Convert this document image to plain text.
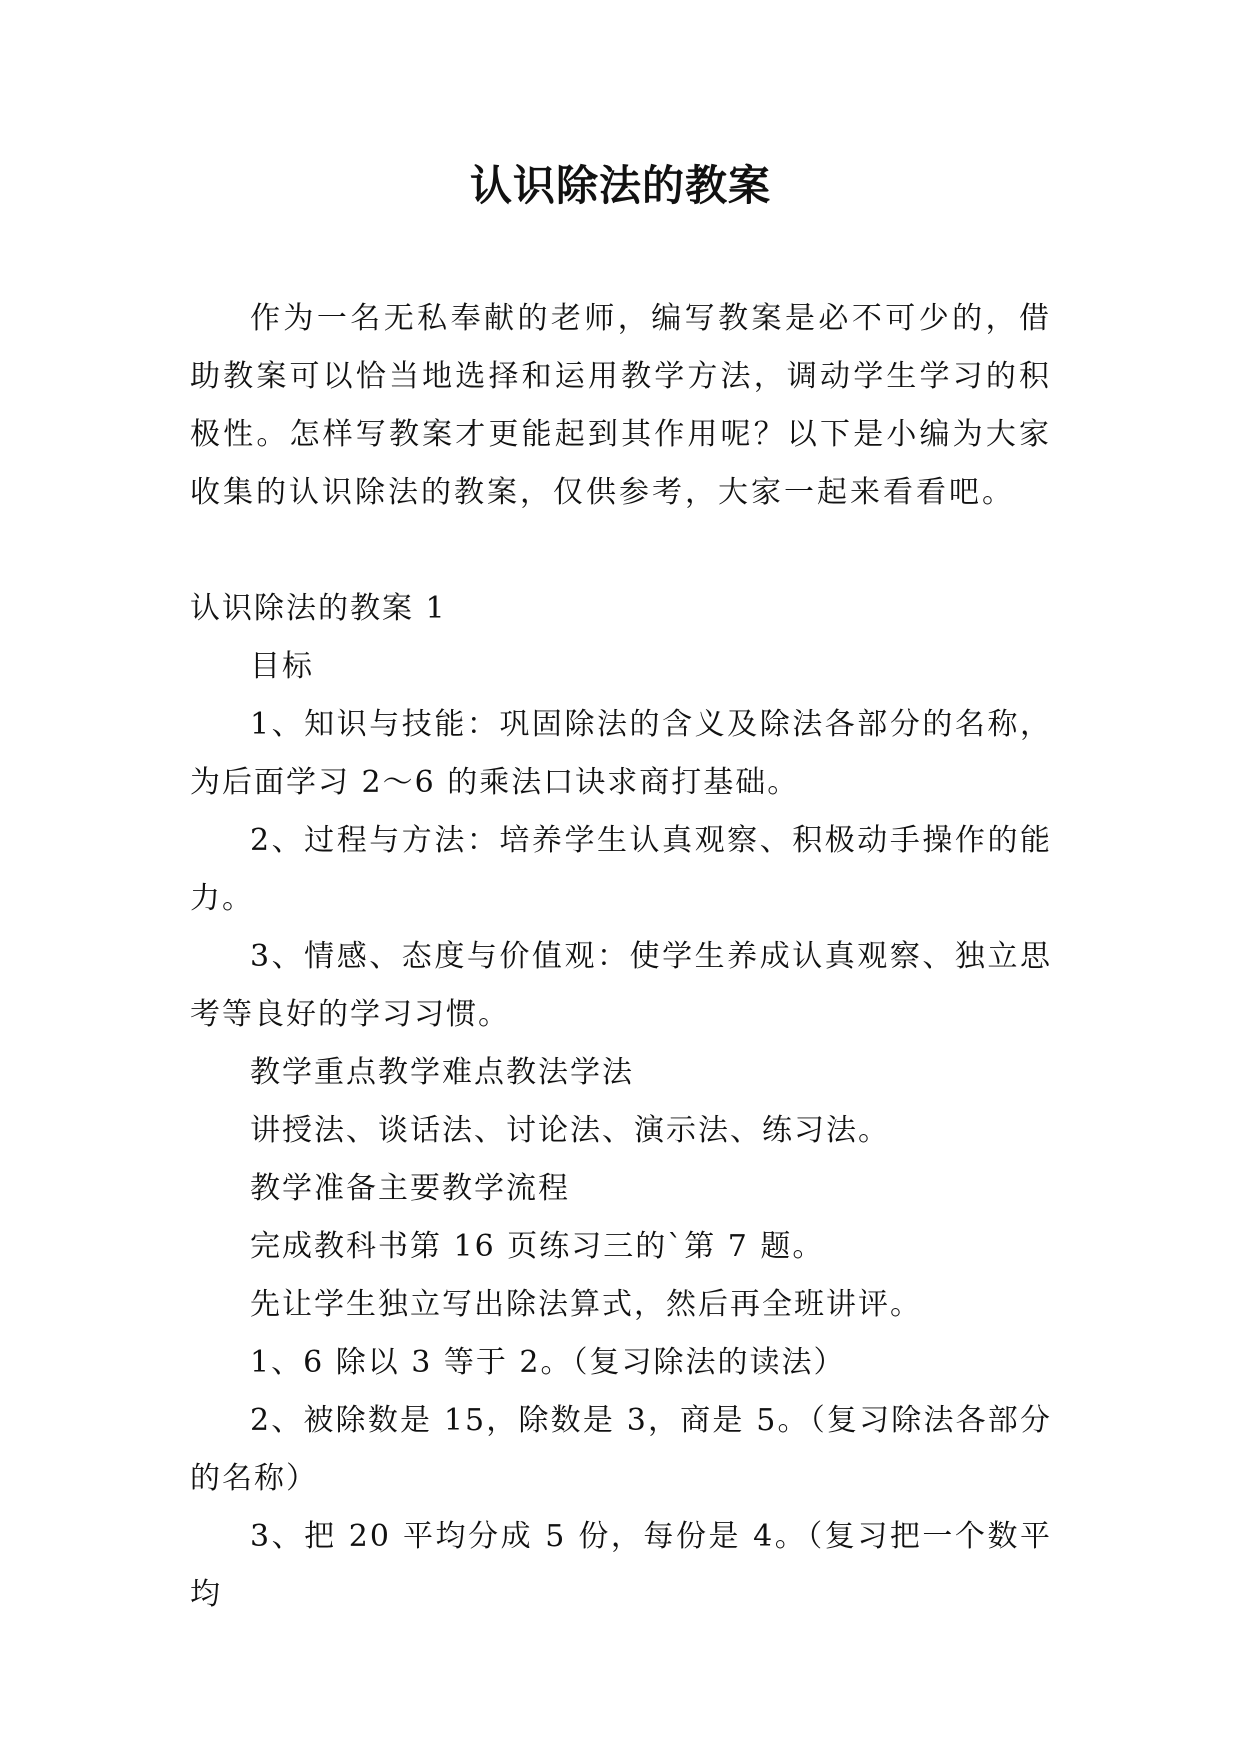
认识除法的教案

作为一名无私奉献的老师，编写教案是必不可少的，借助教案可以恰当地选择和运用教学方法，调动学生学习的积极性。怎样写教案才更能起到其作用呢？以下是小编为大家收集的认识除法的教案，仅供参考，大家一起来看看吧。

认识除法的教案 1

目标

1、知识与技能：巩固除法的含义及除法各部分的名称，为后面学习 2～6 的乘法口诀求商打基础。

2、过程与方法：培养学生认真观察、积极动手操作的能力。

3、情感、态度与价值观：使学生养成认真观察、独立思考等良好的学习习惯。

教学重点教学难点教法学法

讲授法、谈话法、讨论法、演示法、练习法。

教学准备主要教学流程

完成教科书第 16 页练习三的`第 7 题。

先让学生独立写出除法算式，然后再全班讲评。

1、6 除以 3 等于 2。（复习除法的读法）

2、被除数是 15，除数是 3，商是 5。（复习除法各部分的名称）

3、把 20 平均分成 5 份，每份是 4。（复习把一个数平均
